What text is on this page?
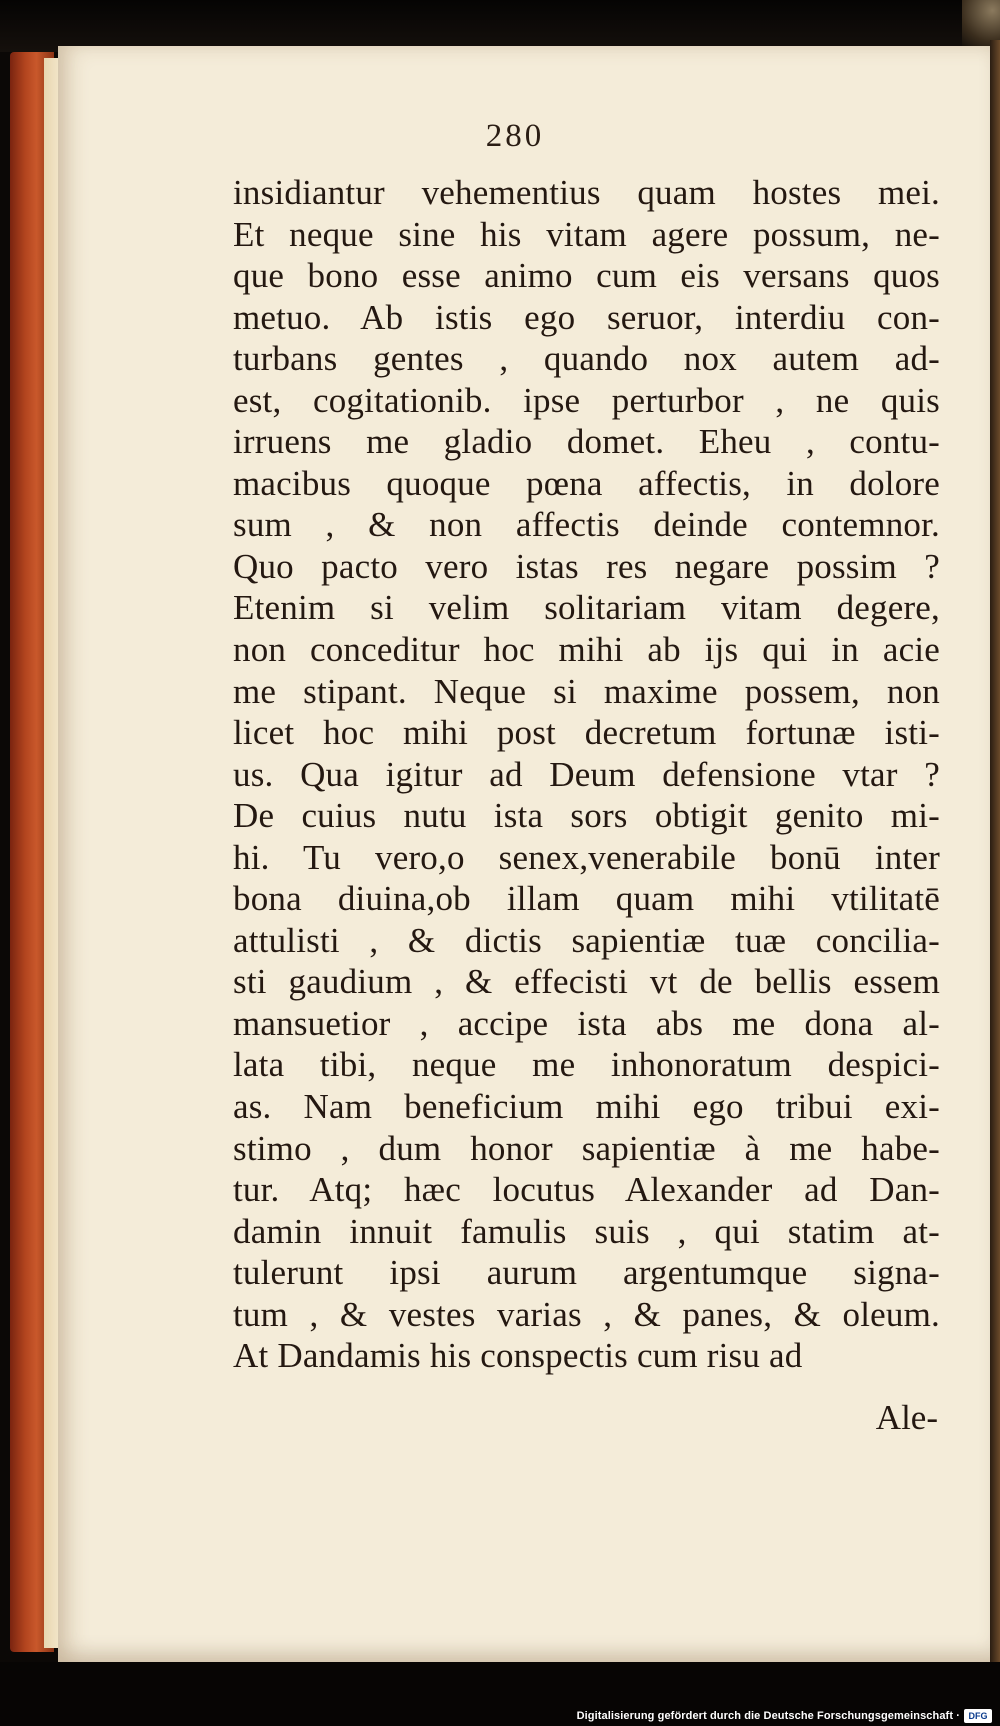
280
insidiantur vehementius quam hostes mei.
Et neque sine his vitam agere possum, ne-
que bono esse animo cum eis versans quos
metuo. Ab istis ego seruor, interdiu con-
turbans gentes , quando nox autem ad-
est, cogitationib. ipse perturbor , ne quis
irruens me gladio domet. Eheu , contu-
macibus quoque pœna affectis, in dolore
sum , & non affectis deinde contemnor.
Quo pacto vero istas res negare possim ?
Etenim si velim solitariam vitam degere,
non conceditur hoc mihi ab ijs qui in acie
me stipant. Neque si maxime possem, non
licet hoc mihi post decretum fortunæ isti-
us. Qua igitur ad Deum defensione vtar ?
De cuius nutu ista sors obtigit genito mi-
hi. Tu vero,o senex,venerabile bonū inter
bona diuina,ob illam quam mihi vtilitatē
attulisti , & dictis sapientiæ tuæ concilia-
sti gaudium , & effecisti vt de bellis essem
mansuetior , accipe ista abs me dona al-
lata tibi, neque me inhonoratum despici-
as. Nam beneficium mihi ego tribui exi-
stimo , dum honor sapientiæ à me habe-
tur. Atq; hæc locutus Alexander ad Dan-
damin innuit famulis suis , qui statim at-
tulerunt ipsi aurum argentumque signa-
tum , & vestes varias , & panes, & oleum.
At Dandamis his conspectis cum risu ad
Ale-
Digitalisierung gefördert durch die Deutsche Forschungsgemeinschaft · DFG
